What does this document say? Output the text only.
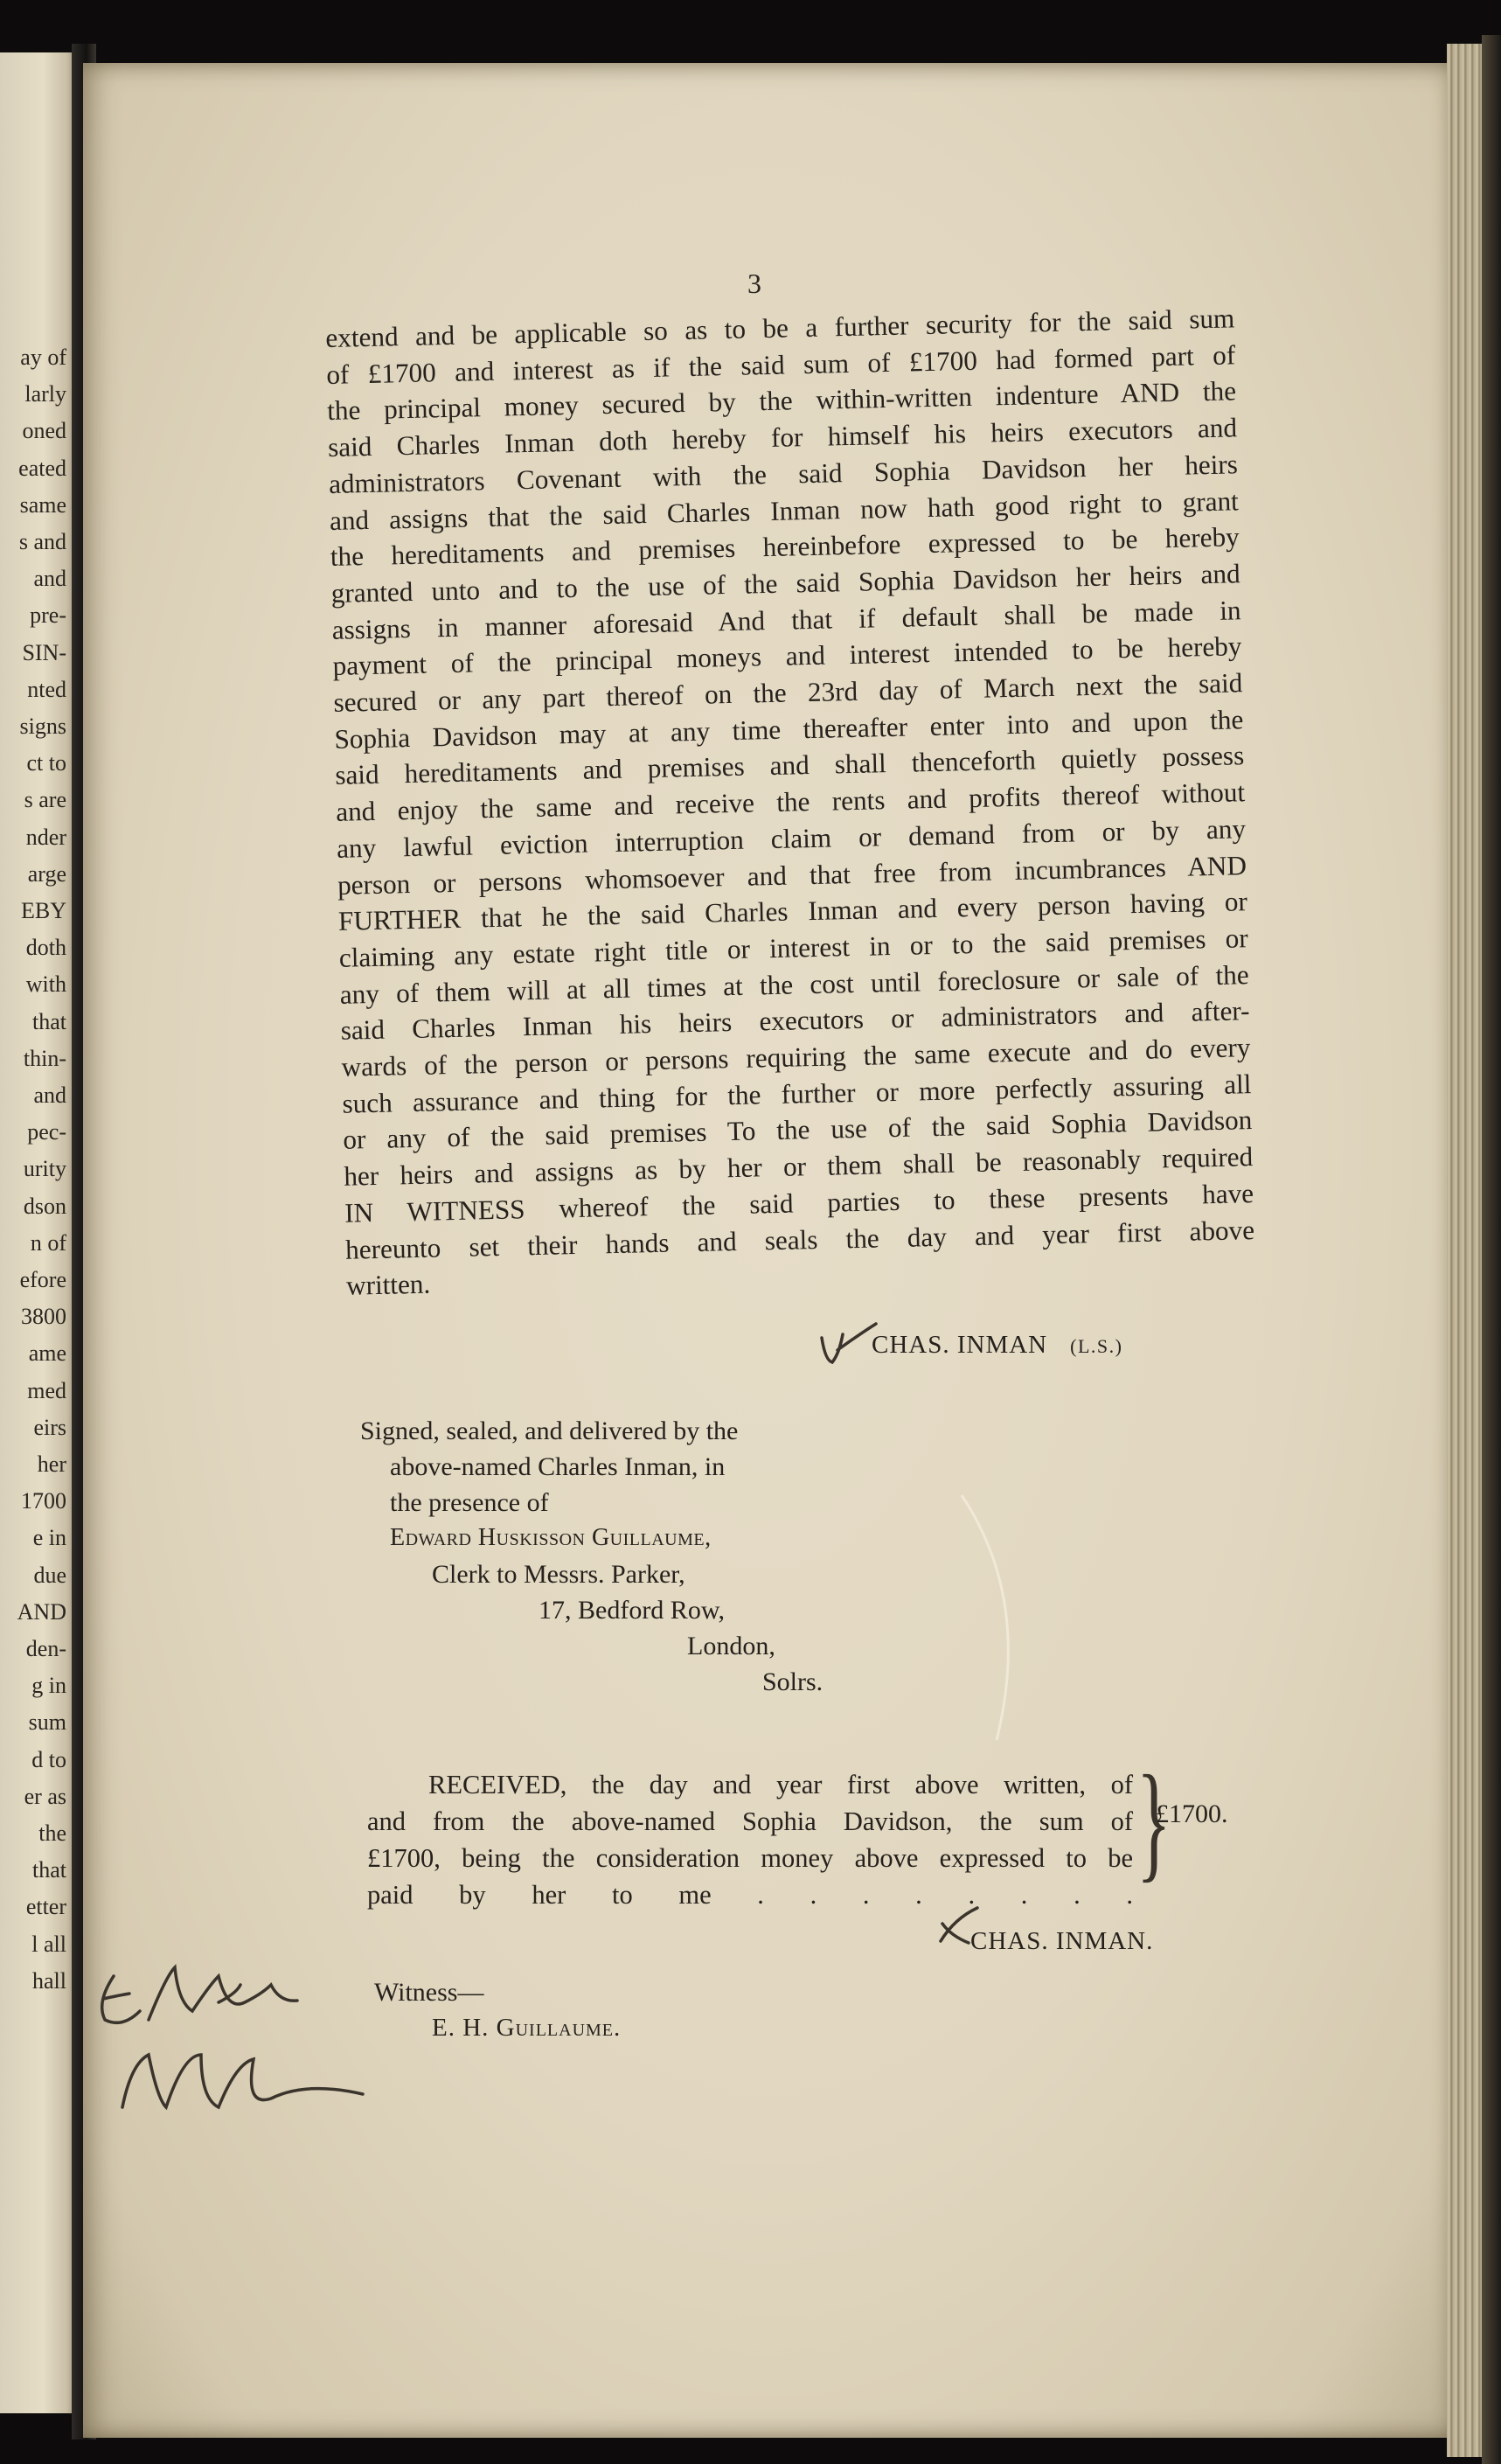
ay of
larly
oned
eated
same
s and
and
pre-
SIN-
nted
signs
ct to
s are
nder
arge
EBY
doth
with
that
thin-
and
pec-
urity
dson
n of
efore
3800
ame
med
eirs
her
1700
e in
due
AND
den-
g in
sum
d to
er as
the
that
etter
l all
hall
3
extend and be applicable so as to be a further security for the said sum
of £1700 and interest as if the said sum of £1700 had formed part of
the principal money secured by the within-written indenture AND the
said Charles Inman doth hereby for himself his heirs executors and
administrators Covenant with the said Sophia Davidson her heirs
and assigns that the said Charles Inman now hath good right to grant
the hereditaments and premises hereinbefore expressed to be hereby
granted unto and to the use of the said Sophia Davidson her heirs and
assigns in manner aforesaid And that if default shall be made in
payment of the principal moneys and interest intended to be hereby
secured or any part thereof on the 23rd day of March next the said
Sophia Davidson may at any time thereafter enter into and upon the
said hereditaments and premises and shall thenceforth quietly possess
and enjoy the same and receive the rents and profits thereof without
any lawful eviction interruption claim or demand from or by any
person or persons whomsoever and that free from incumbrances AND
FURTHER that he the said Charles Inman and every person having or
claiming any estate right title or interest in or to the said premises or
any of them will at all times at the cost until foreclosure or sale of the
said Charles Inman his heirs executors or administrators and after-
wards of the person or persons requiring the same execute and do every
such assurance and thing for the further or more perfectly assuring all
or any of the said premises To the use of the said Sophia Davidson
her heirs and assigns as by her or them shall be reasonably required
IN WITNESS whereof the said parties to these presents have
hereunto set their hands and seals the day and year first above
written.
CHAS. INMAN (L.S.)
Signed, sealed, and delivered by the
above-named Charles Inman, in
the presence of
Edward Huskisson Guillaume,
Clerk to Messrs. Parker,
17, Bedford Row,
London,
Solrs.
RECEIVED, the day and year first above written, of
and from the above-named Sophia Davidson, the sum of
£1700, being the consideration money above expressed to be
paid by her to me . . . . . . . .
}
£1700.
CHAS. INMAN.
Witness—
E. H. Guillaume.
